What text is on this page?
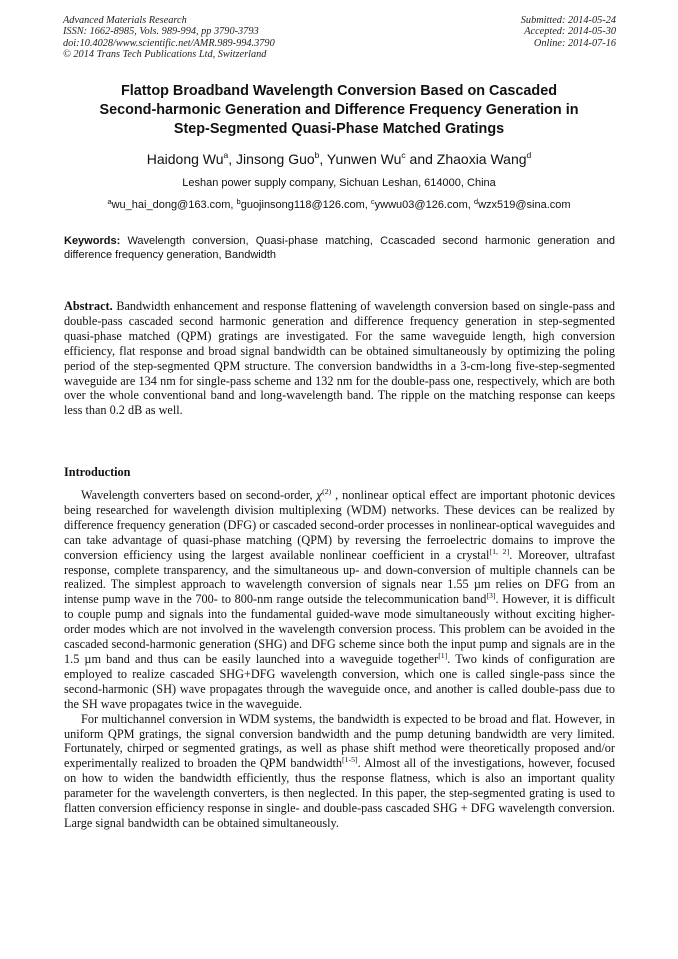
Advanced Materials Research
ISSN: 1662-8985, Vols. 989-994, pp 3790-3793
doi:10.4028/www.scientific.net/AMR.989-994.3790
© 2014 Trans Tech Publications Ltd, Switzerland
Submitted: 2014-05-24
Accepted: 2014-05-30
Online: 2014-07-16
Flattop Broadband Wavelength Conversion Based on Cascaded
Second-harmonic Generation and Difference Frequency Generation in
Step-Segmented Quasi-Phase Matched Gratings
Haidong Wu$^a$, Jinsong Guo$^b$, Yunwen Wu$^c$ and Zhaoxia Wang$^d$
Leshan power supply company, Sichuan Leshan, 614000, China
$^a$wu_hai_dong@163.com, $^b$guojinsong118@126.com, $^c$ywwu03@126.com, $^d$wzx519@sina.com
Keywords: Wavelength conversion, Quasi-phase matching, Ccascaded second harmonic generation and difference frequency generation, Bandwidth
Abstract. Bandwidth enhancement and response flattening of wavelength conversion based on single-pass and double-pass cascaded second harmonic generation and difference frequency generation in step-segmented quasi-phase matched (QPM) gratings are investigated. For the same waveguide length, high conversion efficiency, flat response and broad signal bandwidth can be obtained simultaneously by optimizing the poling period of the step-segmented QPM structure. The conversion bandwidths in a 3-cm-long five-step-segmented waveguide are 134 nm for single-pass scheme and 132 nm for the double-pass one, respectively, which are both over the whole conventional band and long-wavelength band. The ripple on the matching response can keeps less than 0.2 dB as well.
Introduction

Wavelength converters based on second-order, $\chi^{(2)}$ , nonlinear optical effect are important photonic devices being researched for wavelength division multiplexing (WDM) networks. These devices can be realized by difference frequency generation (DFG) or cascaded second-order processes in nonlinear-optical waveguides and can take advantage of quasi-phase matching (QPM) by reversing the ferroelectric domains to improve the conversion efficiency using the largest available nonlinear coefficient in a crystal[1, 2]. Moreover, ultrafast response, complete transparency, and the simultaneous up- and down-conversion of multiple channels can be realized. The simplest approach to wavelength conversion of signals near 1.55 µm relies on DFG from an intense pump wave in the 700- to 800-nm range outside the telecommunication band[3]. However, it is difficult to couple pump and signals into the fundamental guided-wave mode simultaneously without exciting higher-order modes which are not involved in the wavelength conversion process. This problem can be avoided in the cascaded second-harmonic generation (SHG) and DFG scheme since both the input pump and signals are in the 1.5 µm band and thus can be easily launched into a waveguide together[1]. Two kinds of configuration are employed to realize cascaded SHG+DFG wavelength conversion, which one is called single-pass since the second-harmonic (SH) wave propagates through the waveguide once, and another is called double-pass due to the SH wave propagates twice in the waveguide.

For multichannel conversion in WDM systems, the bandwidth is expected to be broad and flat. However, in uniform QPM gratings, the signal conversion bandwidth and the pump detuning bandwidth are very limited. Fortunately, chirped or segmented gratings, as well as phase shift method were theoretically proposed and/or experimentally realized to broaden the QPM bandwidth[1-5]. Almost all of the investigations, however, focused on how to widen the bandwidth efficiently, thus the response flatness, which is also an important quality parameter for the wavelength converters, is then neglected. In this paper, the step-segmented grating is used to flatten conversion efficiency response in single- and double-pass cascaded SHG + DFG wavelength conversion. Large signal bandwidth can be obtained simultaneously.
